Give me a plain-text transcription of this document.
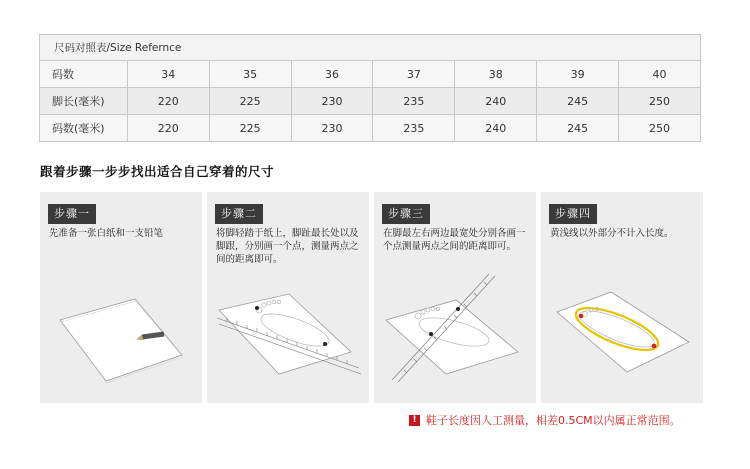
尺码对照表/Size Refernce							
码数	34	35	36	37	38	39	40
脚长(毫米)	220	225	230	235	240	245	250
码数(毫米)	220	225	230	235	240	245	250
跟着步骤一步步找出适合自己穿着的尺寸
步骤一
先准备一张白纸和一支铅笔
步骤二
将脚轻踏于纸上，脚趾最长处以及脚跟，分别画一个点，测量两点之间的距离即可。
步骤三
在脚最左右两边最宽处分别各画一个点测量两点之间的距离即可。
步骤四
黄浅线以外部分不计入长度。
! 鞋子长度因人工测量，相差0.5CM以内属正常范围。
